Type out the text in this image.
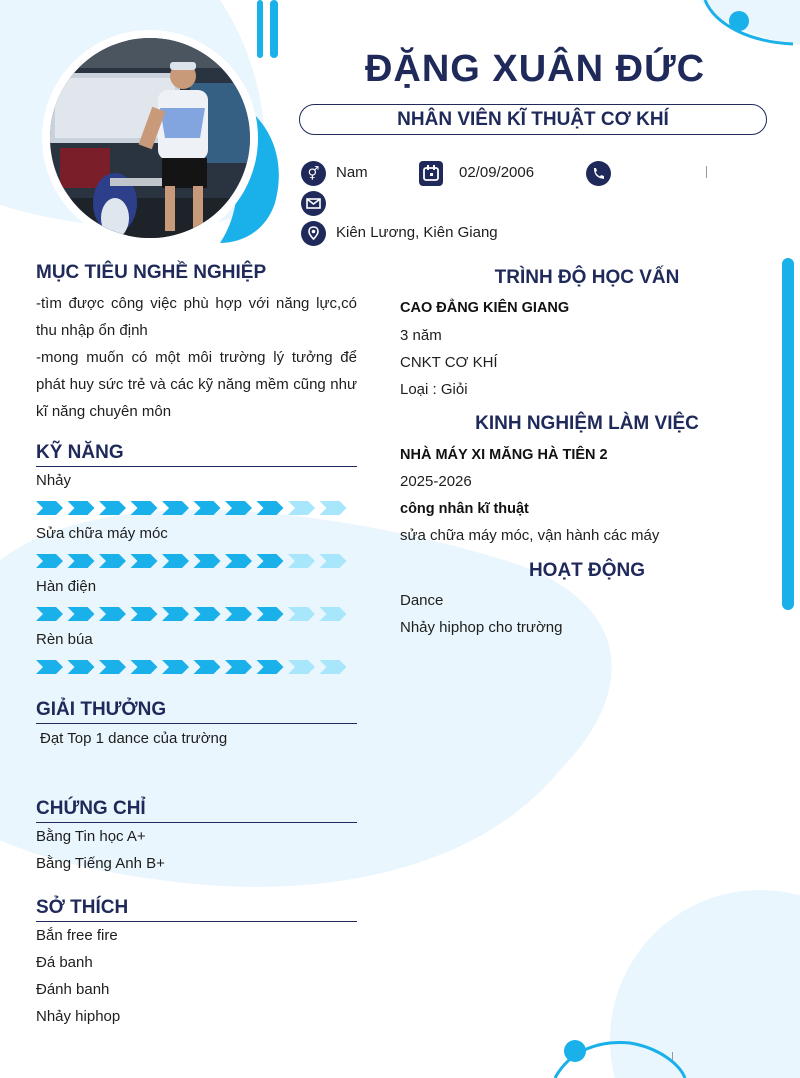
ĐẶNG XUÂN ĐỨC
NHÂN VIÊN KĨ THUẬT CƠ KHÍ
⚥	Nam	02/09/2006
Kiên Lương, Kiên Giang
MỤC TIÊU NGHỀ NGHIỆP

-tìm được công việc phù hợp với năng lực,có thu nhập ổn định

-mong muốn có một môi trường lý tưởng để phát huy sức trẻ và các kỹ năng mềm cũng như kĩ năng chuyên môn

KỸ NĂNG
Nhảy
Sửa chữa máy móc
Hàn điện
Rèn búa
GIẢI THƯỞNG
Đạt Top 1 dance của trường
CHỨNG CHỈ
Bằng Tin học A+
Bằng Tiếng Anh B+
SỞ THÍCH
Bắn free fire
Đá banh
Đánh banh
Nhảy hiphop
TRÌNH ĐỘ HỌC VẤN
CAO ĐẲNG KIÊN GIANG
3 năm
CNKT CƠ KHÍ
Loại : Giỏi
KINH NGHIỆM LÀM VIỆC
NHÀ MÁY XI MĂNG HÀ TIÊN 2
2025-2026
công nhân kĩ thuật
sửa chữa máy móc, vận hành các máy
HOẠT ĐỘNG
Dance
Nhảy hiphop cho trường
